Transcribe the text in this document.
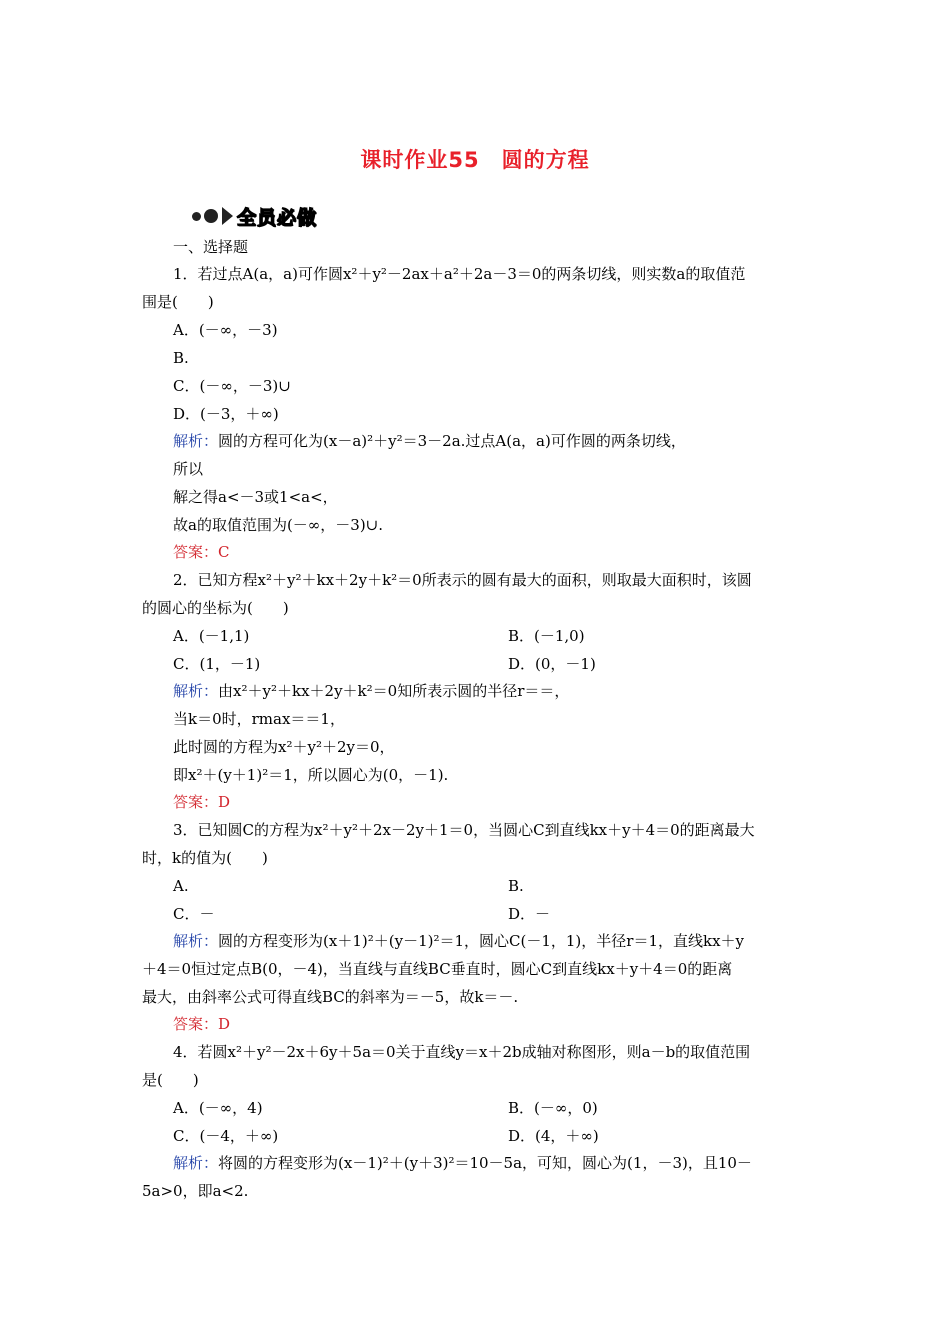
课时作业55　圆的方程
全员必做
一、选择题
1．若过点A(a，a)可作圆x²＋y²－2ax＋a²＋2a－3＝0的两条切线，则实数a的取值范
围是(　　)
A．(－∞，－3)
B.
C．(－∞，－3)∪
D．(－3，＋∞)
解析：圆的方程可化为(x－a)²＋y²＝3－2a.过点A(a，a)可作圆的两条切线，
所以
解之得a<－3或1<a<，
故a的取值范围为(－∞，－3)∪.
答案：C
2．已知方程x²＋y²＋kx＋2y＋k²＝0所表示的圆有最大的面积，则取最大面积时，该圆
的圆心的坐标为(　　)
A．(－1,1)	B．(－1,0)
C．(1，－1)	D．(0，－1)
解析：由x²＋y²＋kx＋2y＋k²＝0知所表示圆的半径r＝＝，
当k＝0时，rmax＝＝1，
此时圆的方程为x²＋y²＋2y＝0，
即x²＋(y＋1)²＝1，所以圆心为(0，－1).
答案：D
3．已知圆C的方程为x²＋y²＋2x－2y＋1＝0，当圆心C到直线kx＋y＋4＝0的距离最大
时，k的值为(　　)
A.	B.
C．－	D．－
解析：圆的方程变形为(x＋1)²＋(y－1)²＝1，圆心C(－1，1)，半径r＝1，直线kx＋y
＋4＝0恒过定点B(0，－4)，当直线与直线BC垂直时，圆心C到直线kx＋y＋4＝0的距离
最大，由斜率公式可得直线BC的斜率为＝－5，故k＝－.
答案：D
4．若圆x²＋y²－2x＋6y＋5a＝0关于直线y＝x＋2b成轴对称图形，则a－b的取值范围
是(　　)
A．(－∞，4)	B．(－∞，0)
C．(－4，＋∞)	D．(4，＋∞)
解析：将圆的方程变形为(x－1)²＋(y＋3)²＝10－5a，可知，圆心为(1，－3)，且10－
5a>0，即a<2.
